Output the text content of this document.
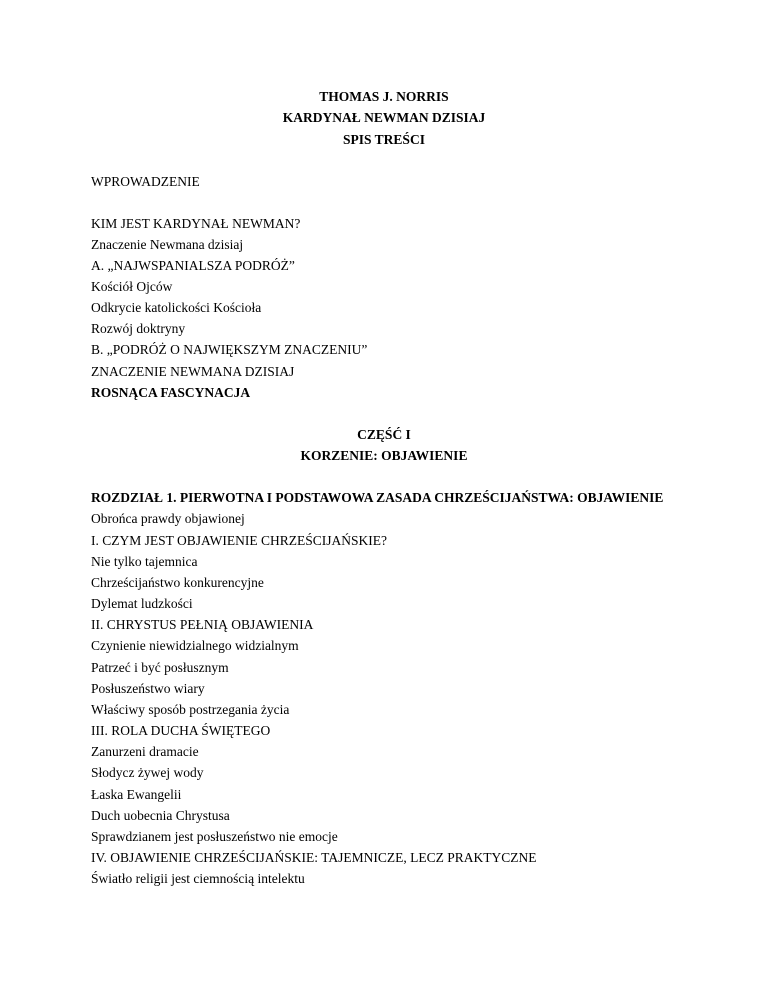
THOMAS J. NORRIS
KARDYNAŁ NEWMAN DZISIAJ
SPIS TREŚCI
WPROWADZENIE
KIM JEST KARDYNAŁ NEWMAN?
Znaczenie Newmana dzisiaj
A. „NAJWSPANIALSZA PODRÓŻ”
Kościół Ojców
Odkrycie katolickości Kościoła
Rozwój doktryny
B. „PODRÓŻ O NAJWIĘKSZYM ZNACZENIU”
ZNACZENIE NEWMANA DZISIAJ
ROSNĄCA FASCYNACJA
CZĘŚĆ I
KORZENIE: OBJAWIENIE
ROZDZIAŁ 1. PIERWOTNA I PODSTAWOWA ZASADA CHRZEŚCIJAŃSTWA: OBJAWIENIE
Obrońca prawdy objawionej
I. CZYM JEST OBJAWIENIE CHRZEŚCIJAŃSKIE?
Nie tylko tajemnica
Chrześcijaństwo konkurencyjne
Dylemat ludzkości
II. CHRYSTUS PEŁNIĄ OBJAWIENIA
Czynienie niewidzialnego widzialnym
Patrzeć i być posłusznym
Posłuszeństwo wiary
Właściwy sposób postrzegania życia
III. ROLA DUCHA ŚWIĘTEGO
Zanurzeni dramacie
Słodycz żywej wody
Łaska Ewangelii
Duch uobecnia Chrystusa
Sprawdzianem jest posłuszeństwo nie emocje
IV. OBJAWIENIE CHRZEŚCIJAŃSKIE: TAJEMNICZE, LECZ PRAKTYCZNE
Światło religii jest ciemnością intelektu
